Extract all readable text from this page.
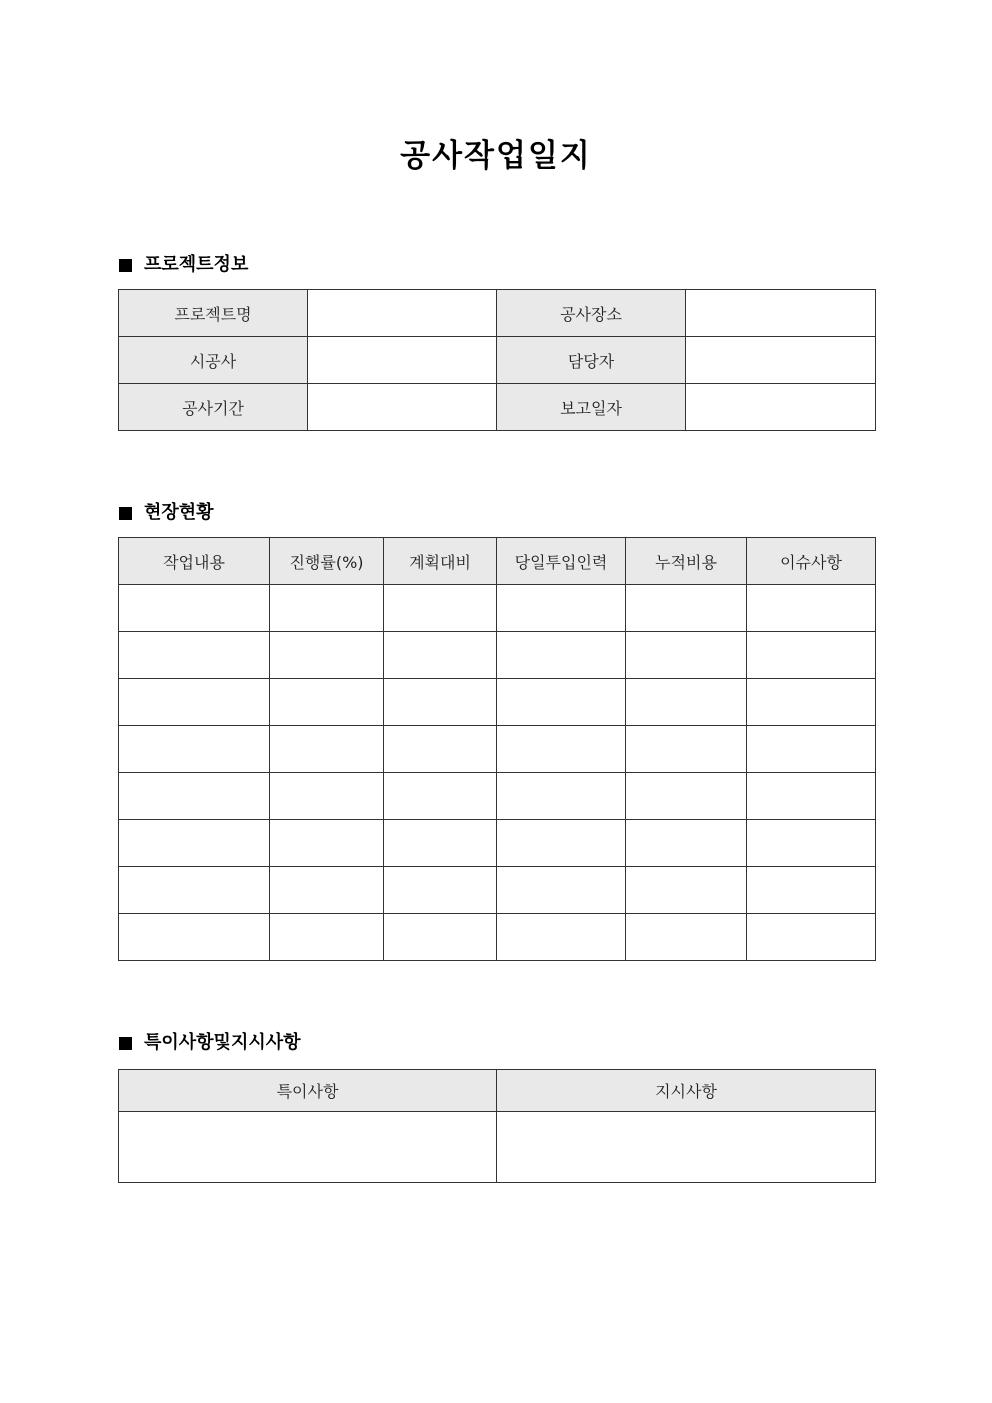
공사작업일지
프로젝트정보
프로젝트명		공사장소	
시공사		담당자	
공사기간		보고일자	
현장현황
작업내용	진행률(%)	계획대비	당일투입인력	누적비용	이슈사항

특이사항및지시사항
특이사항	지시사항
